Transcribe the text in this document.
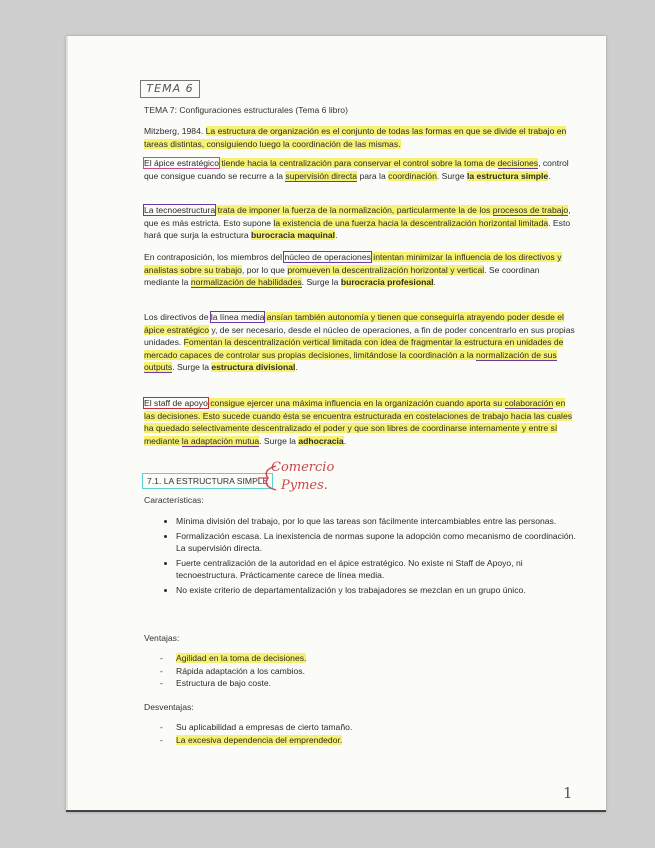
TEMA 6
TEMA 7: Configuraciones estructurales (Tema 6 libro)

Mitzberg, 1984. La estructura de organización es el conjunto de todas las formas en que se divide el trabajo en tareas distintas, consiguiendo luego la coordinación de las mismas.

El ápice estratégico tiende hacia la centralización para conservar el control sobre la toma de decisiones, control que consigue cuando se recurre a la supervisión directa para la coordinación. Surge la estructura simple.

La tecnoestructura trata de imponer la fuerza de la normalización, particularmente la de los procesos de trabajo, que es más estricta. Esto supone la existencia de una fuerza hacia la descentralización horizontal limitada. Esto hará que surja la estructura burocracia maquinal.

En contraposición, los miembros del núcleo de operaciones intentan minimizar la influencia de los directivos y analistas sobre su trabajo, por lo que promueven la descentralización horizontal y vertical. Se coordinan mediante la normalización de habilidades. Surge la burocracia profesional.

Los directivos de la línea media ansían también autonomía y tienen que conseguirla atrayendo poder desde el ápice estratégico y, de ser necesario, desde el núcleo de operaciones, a fin de poder concentrarlo en sus propias unidades. Fomentan la descentralización vertical limitada con idea de fragmentar la estructura en unidades de mercado capaces de controlar sus propias decisiones, limitándose la coordinación a la normalización de sus outputs. Surge la estructura divisional.

El staff de apoyo consigue ejercer una máxima influencia en la organización cuando aporta su colaboración en las decisiones. Esto sucede cuando ésta se encuentra estructurada en costelaciones de trabajo hacia las cuales ha quedado selectivamente descentralizado el poder y que son libres de coordinarse internamente y entre sí mediante la adaptación mutua. Surge la adhocracia.

7.1. LA ESTRUCTURA SIMPLE
Comercio
Pymes.
Características:
• Mínima división del trabajo, por lo que las tareas son fácilmente intercambiables entre las personas.
• Formalización escasa. La inexistencia de normas supone la adopción como mecanismo de coordinación. La supervisión directa.
• Fuerte centralización de la autoridad en el ápice estratégico. No existe ni Staff de Apoyo, ni tecnoestructura. Prácticamente carece de línea media.
• No existe criterio de departamentalización y los trabajadores se mezclan en un grupo único.
Ventajas:
- Agilidad en la toma de decisiones.
- Rápida adaptación a los cambios.
- Estructura de bajo coste.
Desventajas:
- Su aplicabilidad a empresas de cierto tamaño.
- La excesiva dependencia del emprendedor.
1
